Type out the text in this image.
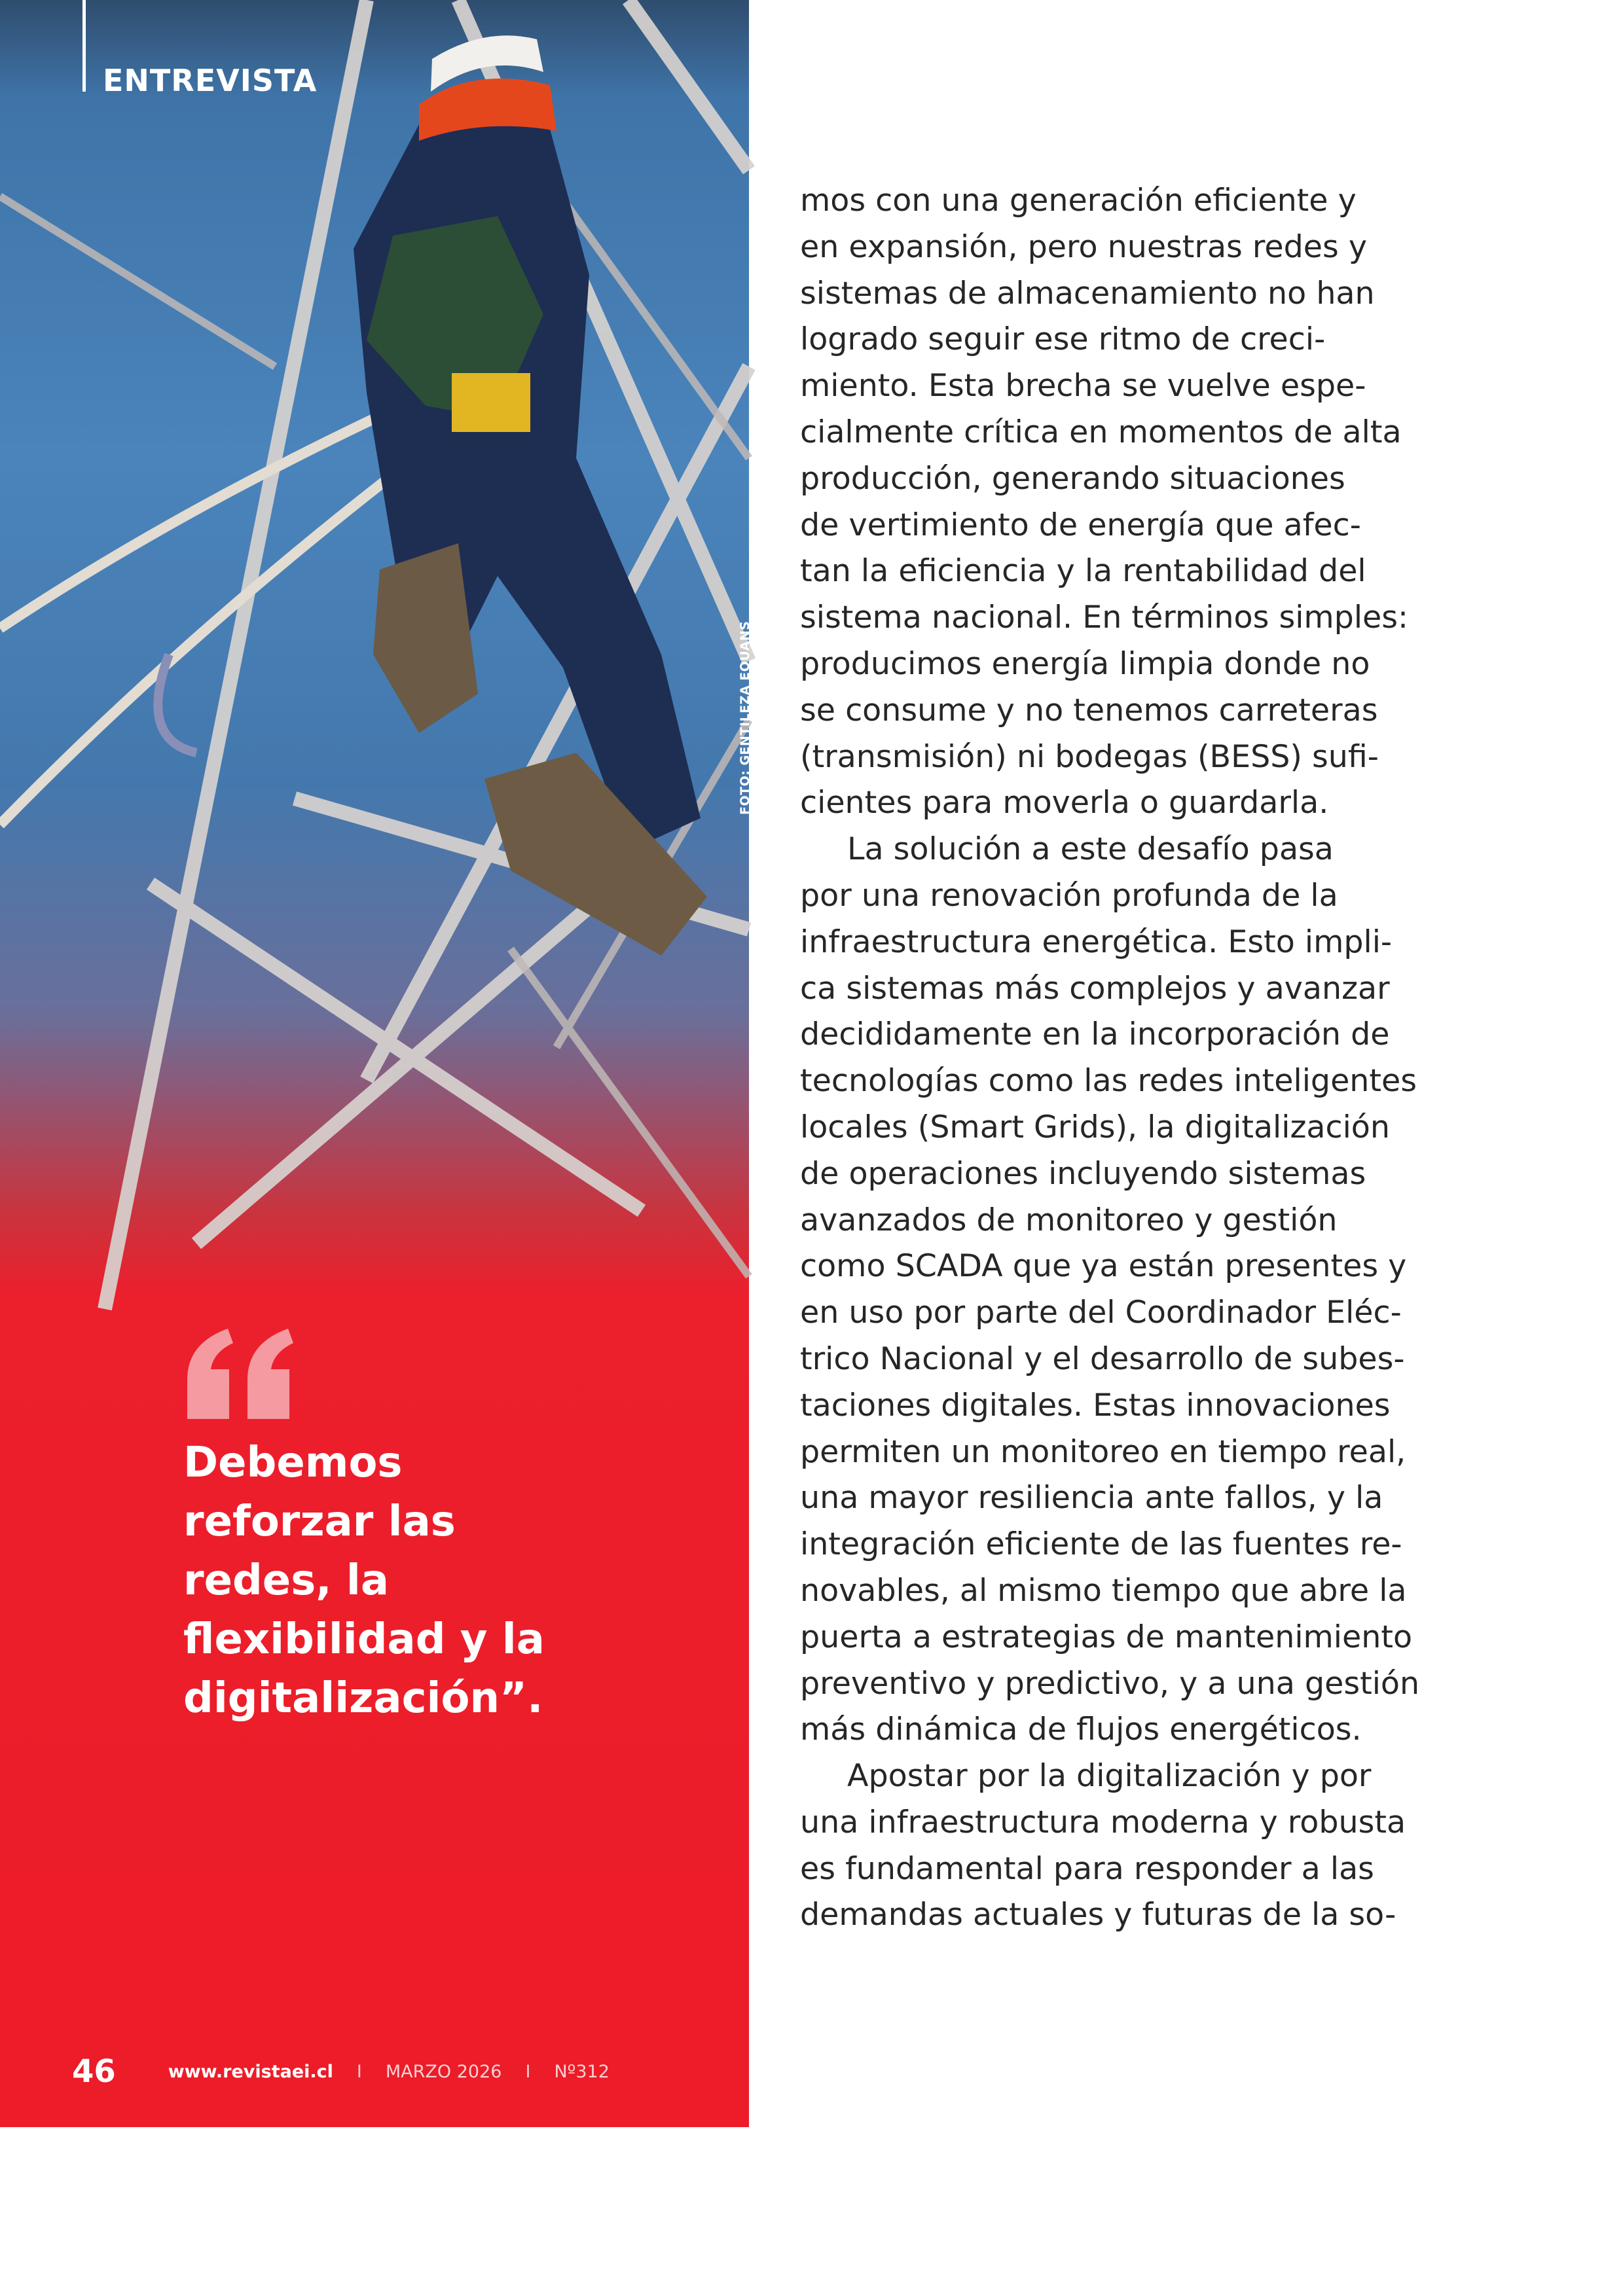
ENTREVISTA
FOTO: GENTILEZA EQUANS
Debemos
reforzar las
redes, la
flexibilidad y la
digitalización”.
46	www.revistaei.cl I MARZO 2026 I Nº312
mos con una generación eficiente y
en expansión, pero nuestras redes y
sistemas de almacenamiento no han
logrado seguir ese ritmo de creci-
miento. Esta brecha se vuelve espe-
cialmente crítica en momentos de alta
producción, generando situaciones
de vertimiento de energía que afec-
tan la eficiencia y la rentabilidad del
sistema nacional. En términos simples:
producimos energía limpia donde no
se consume y no tenemos carreteras
(transmisión) ni bodegas (BESS) sufi-
cientes para moverla o guardarla.
La solución a este desafío pasa
por una renovación profunda de la
infraestructura energética. Esto impli-
ca sistemas más complejos y avanzar
decididamente en la incorporación de
tecnologías como las redes inteligentes
locales (Smart Grids), la digitalización
de operaciones incluyendo sistemas
avanzados de monitoreo y gestión
como SCADA que ya están presentes y
en uso por parte del Coordinador Eléc-
trico Nacional y el desarrollo de subes-
taciones digitales. Estas innovaciones
permiten un monitoreo en tiempo real,
una mayor resiliencia ante fallos, y la
integración eficiente de las fuentes re-
novables, al mismo tiempo que abre la
puerta a estrategias de mantenimiento
preventivo y predictivo, y a una gestión
más dinámica de flujos energéticos.
Apostar por la digitalización y por
una infraestructura moderna y robusta
es fundamental para responder a las
demandas actuales y futuras de la so-
